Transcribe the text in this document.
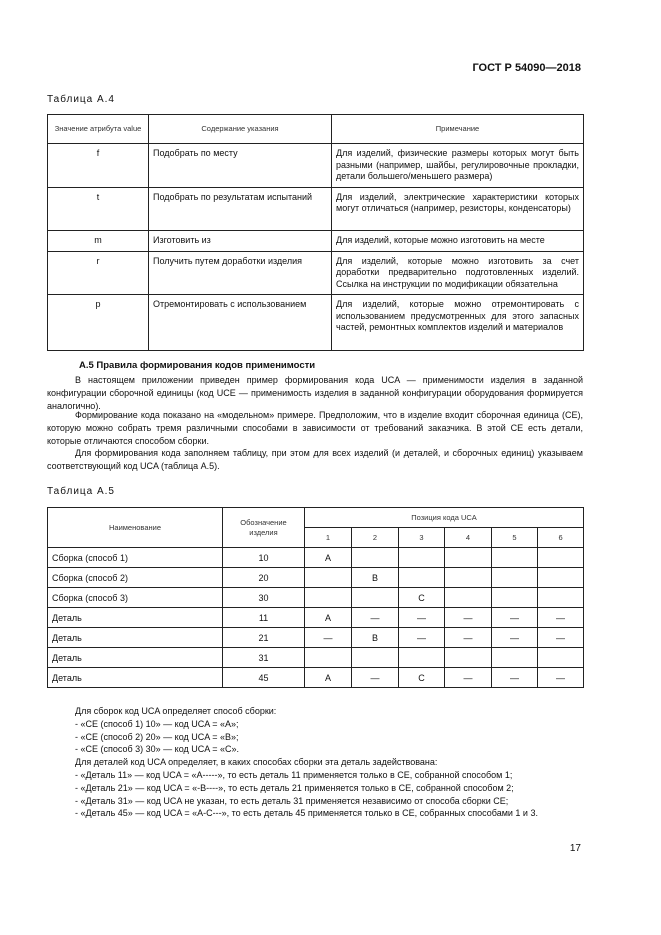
ГОСТ Р 54090—2018
Таблица А.4
Значение атрибута value	Содержание указания	Примечание
f	Подобрать по месту	Для изделий, физические размеры которых могут быть разными (например, шайбы, регулировочные прокладки, детали большего/меньшего размера)
t	Подобрать по результатам испытаний	Для изделий, электрические характеристики которых могут отличаться (например, резисторы, конденсаторы)
m	Изготовить из	Для изделий, которые можно изготовить на месте
r	Получить путем доработки изделия	Для изделий, которые можно изготовить за счет доработки предварительно подготовленных изделий. Ссылка на инструкции по модификации обязательна
p	Отремонтировать с использованием	Для изделий, которые можно отремонтировать с использованием предусмотренных для этого запасных частей, ремонтных комплектов изделий и материалов
А.5 Правила формирования кодов применимости
В настоящем приложении приведен пример формирования кода UCA — применимости изделия в заданной конфигурации сборочной единицы (код UCE — применимость изделия в заданной конфигурации оборудования формируется аналогично).
Формирование кода показано на «модельном» примере. Предположим, что в изделие входит сборочная единица (СЕ), которую можно собрать тремя различными способами в зависимости от требований заказчика. В этой СЕ есть детали, которые отличаются способом сборки.
Для формирования кода заполняем таблицу, при этом для всех изделий (и деталей, и сборочных единиц) указываем соответствующий код UCA (таблица А.5).
Таблица А.5
Наименование	Обозначение изделия	Позиция кода UCA					
		1	2	3	4	5	6
Сборка (способ 1)	10	A					
Сборка (способ 2)	20		B				
Сборка (способ 3)	30			C			
Деталь	11	A	—	—	—	—	—
Деталь	21	—	B	—	—	—	—
Деталь	31						
Деталь	45	A	—	C	—	—	—
Для сборок код UCA определяет способ сборки:
- «СЕ (способ 1) 10» — код UCA = «A»;
- «СЕ (способ 2) 20» — код UCA = «B»;
- «СЕ (способ 3) 30» — код UCA = «C».
Для деталей код UCA определяет, в каких способах сборки эта деталь задействована:
- «Деталь 11» — код UCA = «A-----», то есть деталь 11 применяется только в СЕ, собранной способом 1;
- «Деталь 21» — код UCA = «-B----», то есть деталь 21 применяется только в СЕ, собранной способом 2;
- «Деталь 31» — код UCA не указан, то есть деталь 31 применяется независимо от способа сборки СЕ;
- «Деталь 45» — код UCA = «A-C---», то есть деталь 45 применяется только в СЕ, собранных способами 1 и 3.
17
